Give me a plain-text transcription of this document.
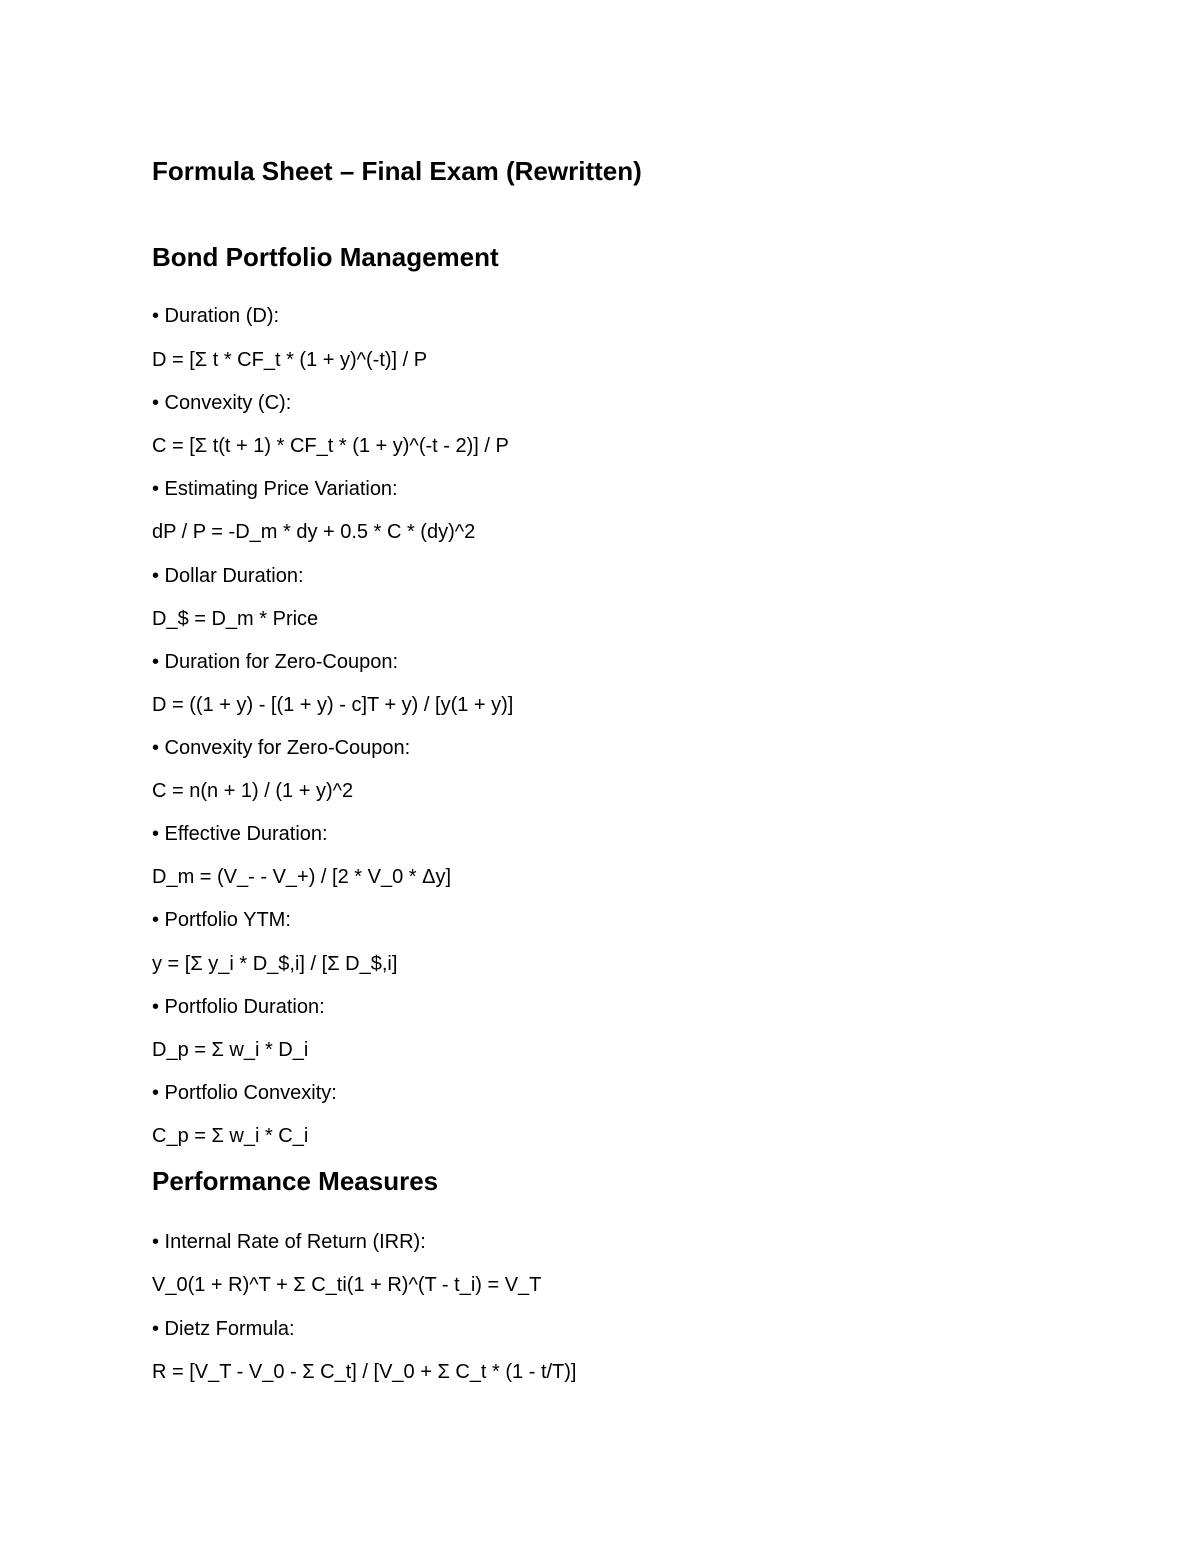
Formula Sheet – Final Exam (Rewritten)
Bond Portfolio Management

• Duration (D):

D = [Σ t * CF_t * (1 + y)^(-t)] / P

• Convexity (C):

C = [Σ t(t + 1) * CF_t * (1 + y)^(-t - 2)] / P

• Estimating Price Variation:

dP / P = -D_m * dy + 0.5 * C * (dy)^2

• Dollar Duration:

D_$ = D_m * Price

• Duration for Zero-Coupon:

D = ((1 + y) - [(1 + y) - c]T + y) / [y(1 + y)]

• Convexity for Zero-Coupon:

C = n(n + 1) / (1 + y)^2

• Effective Duration:

D_m = (V_- - V_+) / [2 * V_0 * Δy]

• Portfolio YTM:

y = [Σ y_i * D_$,i] / [Σ D_$,i]

• Portfolio Duration:

D_p = Σ w_i * D_i

• Portfolio Convexity:

C_p = Σ w_i * C_i

Performance Measures

• Internal Rate of Return (IRR):

V_0(1 + R)^T + Σ C_ti(1 + R)^(T - t_i) = V_T

• Dietz Formula:

R = [V_T - V_0 - Σ C_t] / [V_0 + Σ C_t * (1 - t/T)]
